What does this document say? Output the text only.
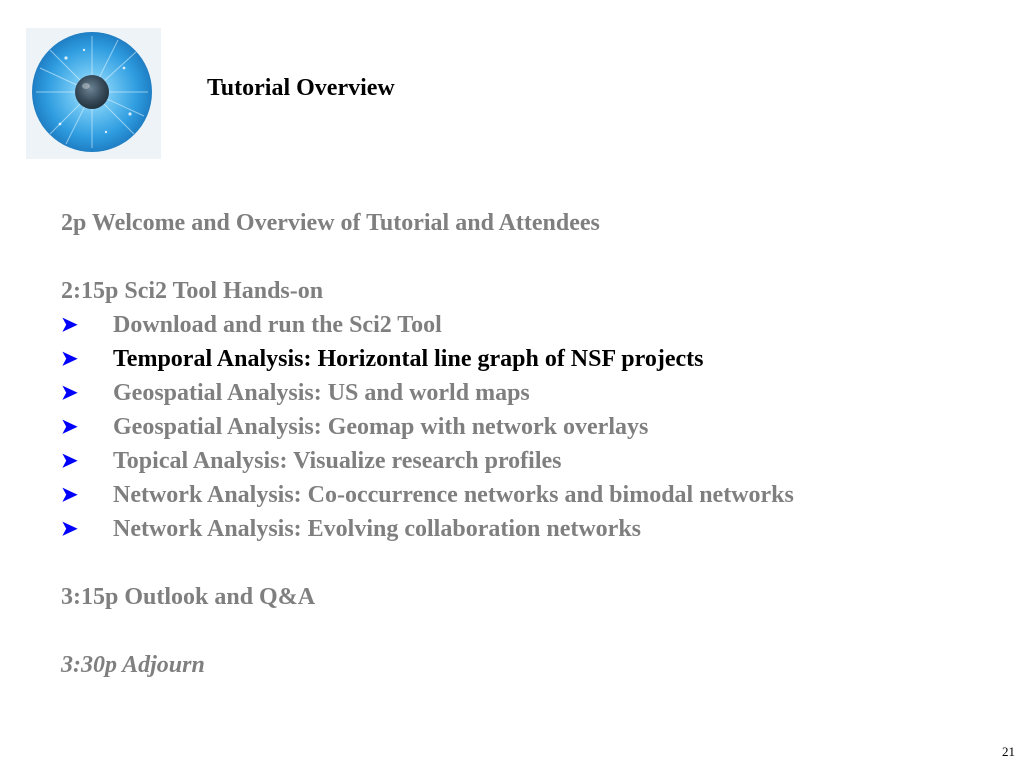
Tutorial Overview
2p Welcome and Overview of Tutorial and Attendees
2:15p Sci2 Tool Hands-on
➤	Download and run the Sci2 Tool
➤	Temporal Analysis: Horizontal line graph of NSF projects
➤	Geospatial Analysis: US and world maps
➤	Geospatial Analysis: Geomap with network overlays
➤	Topical Analysis: Visualize research profiles
➤	Network Analysis: Co-occurrence networks and bimodal networks
➤	Network Analysis: Evolving collaboration networks
3:15p Outlook and Q&A
3:30p Adjourn
21
